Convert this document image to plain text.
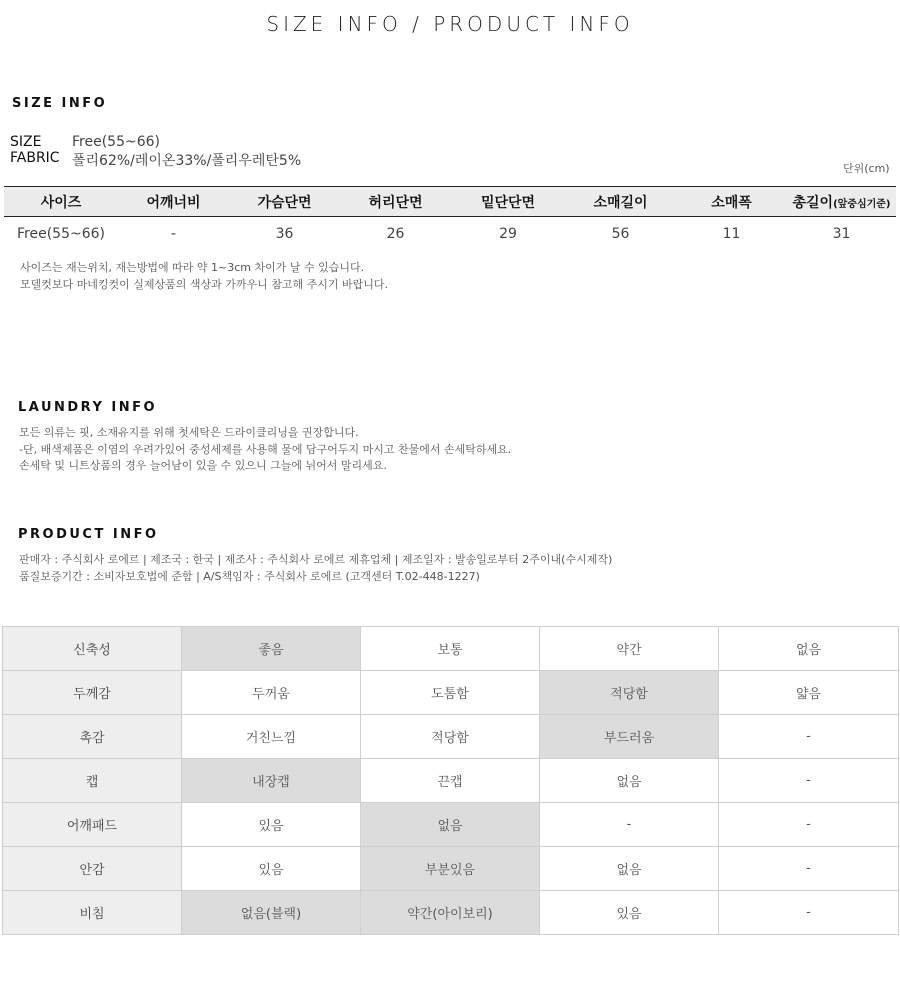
SIZE INFO / PRODUCT INFO
SIZE INFO
SIZE Free(55~66)
FABRIC 폴리62%/레이온33%/폴리우레탄5%	단위(cm)
사이즈	어깨너비	가슴단면	허리단면	밑단단면	소매길이	소매폭	총길이(앞중심기준)
Free(55~66)	-	36	26	29	56	11	31
사이즈는 재는위치, 재는방법에 따라 약 1~3cm 차이가 날 수 있습니다.
모델컷보다 마네킹컷이 실제상품의 색상과 가까우니 참고해 주시기 바랍니다.
LAUNDRY INFO
모든 의류는 핏, 소재유지를 위해 첫세탁은 드라이클리닝을 권장합니다.
-단, 배색제품은 이염의 우려가있어 중성세제를 사용해 물에 담구어두지 마시고 찬물에서 손세탁하세요.
손세탁 및 니트상품의 경우 늘어남이 있을 수 있으니 그늘에 뉘어서 말리세요.
PRODUCT INFO
판매자 : 주식회사 로에르 | 제조국 : 한국 | 제조사 : 주식회사 로에르 제휴업체 | 제조일자 : 발송일로부터 2주이내(수시제작)
품질보증기간 : 소비자보호법에 준함 | A/S책임자 : 주식회사 로에르 (고객센터 T.02-448-1227)
신축성	좋음	보통	약간	없음
두께감	두꺼움	도톰함	적당함	얇음
촉감	거친느낌	적당함	부드러움	-
캡	내장캡	끈캡	없음	-
어깨패드	있음	없음	-	-
안감	있음	부분있음	없음	-
비침	없음(블랙)	약간(아이보리)	있음	-
